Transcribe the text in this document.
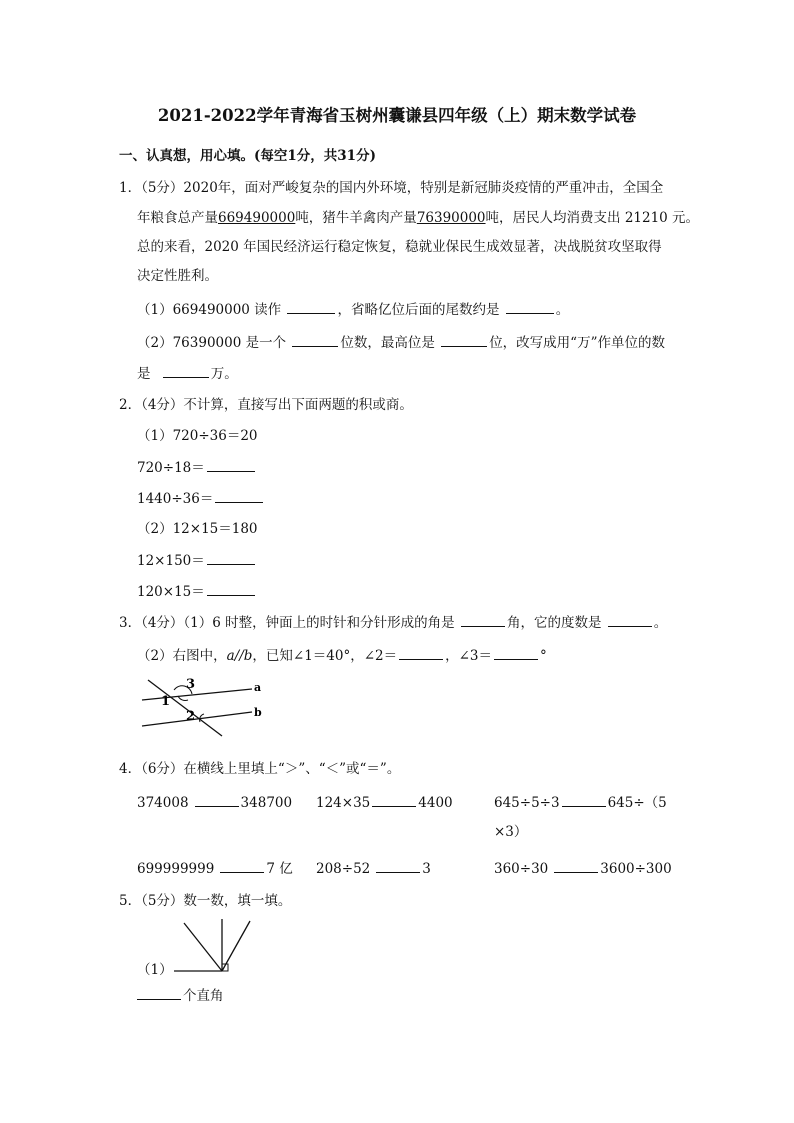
2021-2022学年青海省玉树州囊谦县四年级（上）期末数学试卷
一、认真想，用心填。(每空1分，共31分)
1．（5分）2020年，面对严峻复杂的国内外环境，特别是新冠肺炎疫情的严重冲击，全国全
年粮食总产量669490000吨，猪牛羊禽肉产量76390000吨，居民人均消费支出 21210 元。
总的来看，2020 年国民经济运行稳定恢复，稳就业保民生成效显著，决战脱贫攻坚取得
决定性胜利。
（1）669490000 读作	，省略亿位后面的尾数约是	。
（2）76390000 是一个	位数，最高位是	位，改写成用“万”作单位的数
是	万。
2．（4分）不计算，直接写出下面两题的积或商。
（1）720÷36＝20
720÷18＝
1440÷36＝
（2）12×15＝180
12×150＝
120×15＝
3．（4分）（1）6 时整，钟面上的时针和分针形成的角是	角，它的度数是	。
（2）右图中，a//b，已知∠1＝40°，∠2＝	，∠3＝	°
3
1
2
a
b
4．（6分）在横线上里填上“＞”、“＜”或“＝”。
374008	348700 124×35	4400	645÷5÷3	645÷（5
×3）
699999999	7 亿 208÷52	3	360÷30	3600÷300
5．（5分）数一数，填一填。
（1）
个直角
